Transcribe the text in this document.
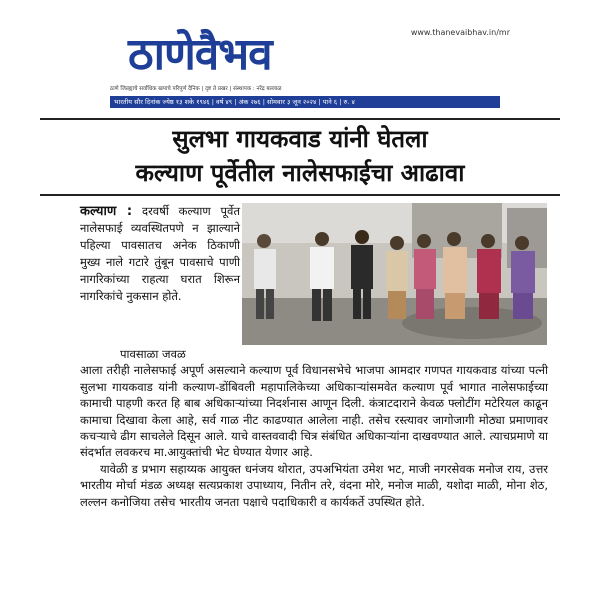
ठाणेवैभव	www.thanevaibhav.in/mr
ठाणे जिल्ह्याचे सर्वाधिक खपाचे परिपूर्ण दैनिक | दृष्ट ते प्रखर | संस्थापक : नरेंद्र बल्लाळ
भारतीय सौर दिनांक ज्येष्ठ १३ शके १९४६ | वर्ष ४९ | अंक २७६ | सोमवार ३ जून २०२४ | पाने ६ | रु. ४
सुलभा गायकवाड यांनी घेतला
कल्याण पूर्वेतील नालेसफाईचा आढावा
कल्याण : दरवर्षी कल्याण पूर्वेत नालेसफाई व्यवस्थितपणे न झाल्याने पहिल्या पावसातच अनेक ठिकाणी मुख्य नाले गटारे तुंबून पावसाचे पाणी नागरिकांच्या राहत्या घरात शिरून नागरिकांचे नुकसान होते.

पावसाळा जवळ

आला तरीही नालेसफाई अपूर्ण असल्याने कल्याण पूर्व विधानसभेचे भाजपा आमदार गणपत गायकवाड यांच्या पत्नी सुलभा गायकवाड यांनी कल्याण-डोंबिवली महापालिकेच्या अधिकाऱ्यांसमवेत कल्याण पूर्व भागात नालेसफाईच्या कामाची पाहणी करत हि बाब अधिकाऱ्यांच्या निदर्शनास आणून दिली. कंत्राटदाराने केवळ फ्लोटींग मटेरियल काढून कामाचा दिखावा केला आहे, सर्व गाळ नीट काढण्यात आलेला नाही. तसेच रस्त्यावर जागोजागी मोठ्या प्रमाणावर कचऱ्याचे ढीग साचलेले दिसून आले. याचे वास्तववादी चित्र संबंधित अधिकाऱ्यांना दाखवण्यात आले. त्याचप्रमाणे या संदर्भात लवकरच मा.आयुक्तांची भेट घेण्यात येणार आहे.

यावेळी ड प्रभाग सहाय्यक आयुक्त धनंजय थोरात, उपअभियंता उमेश भट, माजी नगरसेवक मनोज राय, उत्तर भारतीय मोर्चा मंडळ अध्यक्ष सत्यप्रकाश उपाध्याय, नितीन तरे, वंदना मोरे, मनोज माळी, यशोदा माळी, मोना शेठ, लल्लन कनोजिया तसेच भारतीय जनता पक्षाचे पदाधिकारी व कार्यकर्ते उपस्थित होते.
